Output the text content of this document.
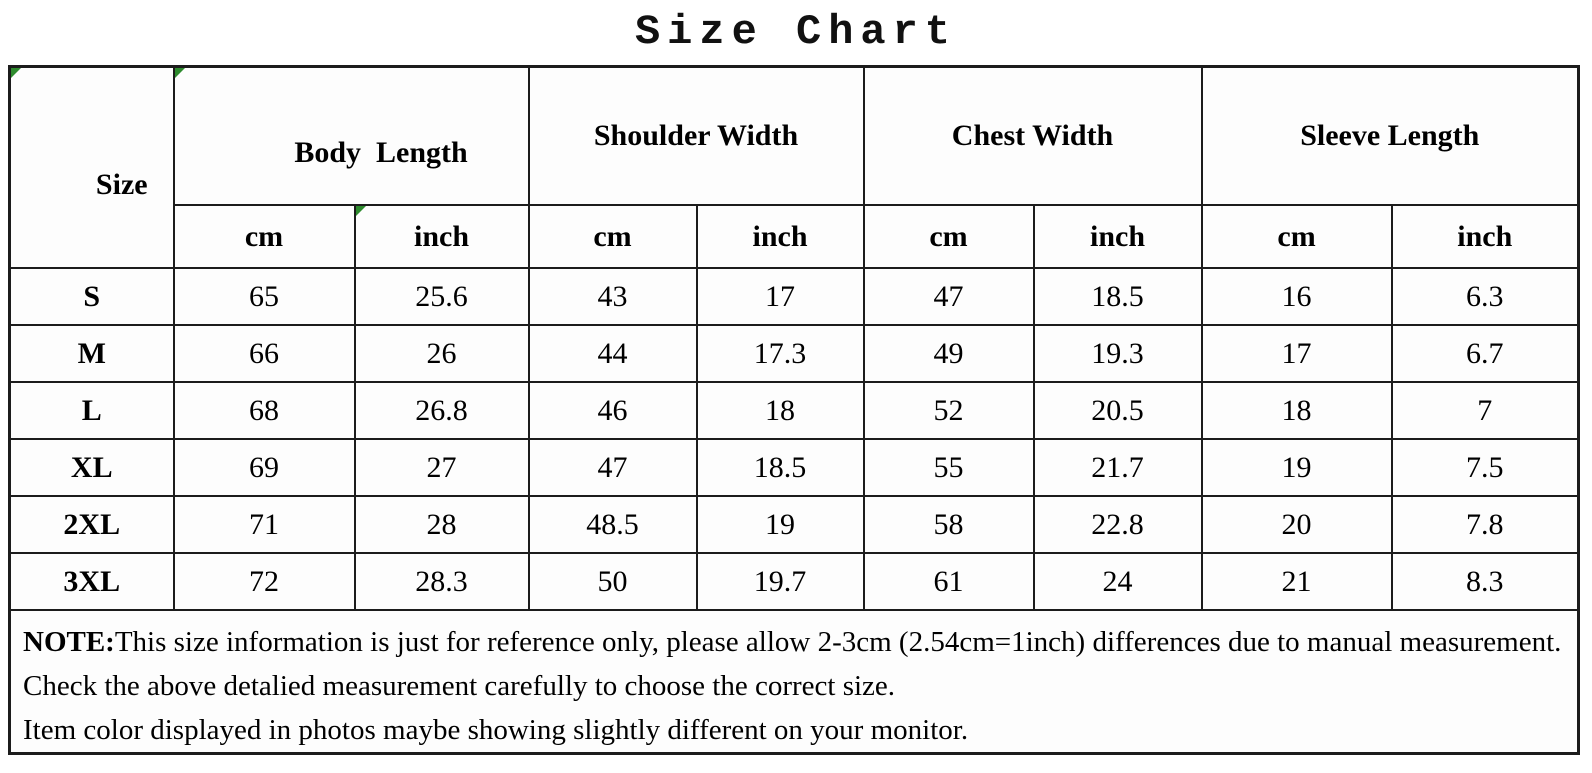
Size Chart

Size	Body  Length		Shoulder Width		Chest Width		Sleeve Length	
	cm	inch	cm	inch	cm	inch	cm	inch
S	65	25.6	43	17	47	18.5	16	6.3
M	66	26	44	17.3	49	19.3	17	6.7
L	68	26.8	46	18	52	20.5	18	7
XL	69	27	47	18.5	55	21.7	19	7.5
2XL	71	28	48.5	19	58	22.8	20	7.8
3XL	72	28.3	50	19.7	61	24	21	8.3

NOTE:This size information is just for reference only, please allow 2-3cm (2.54cm=1inch) differences due to manual measurement.

Check the above detalied measurement carefully to choose the correct size.

Item color displayed in photos maybe showing slightly different on your monitor.								
